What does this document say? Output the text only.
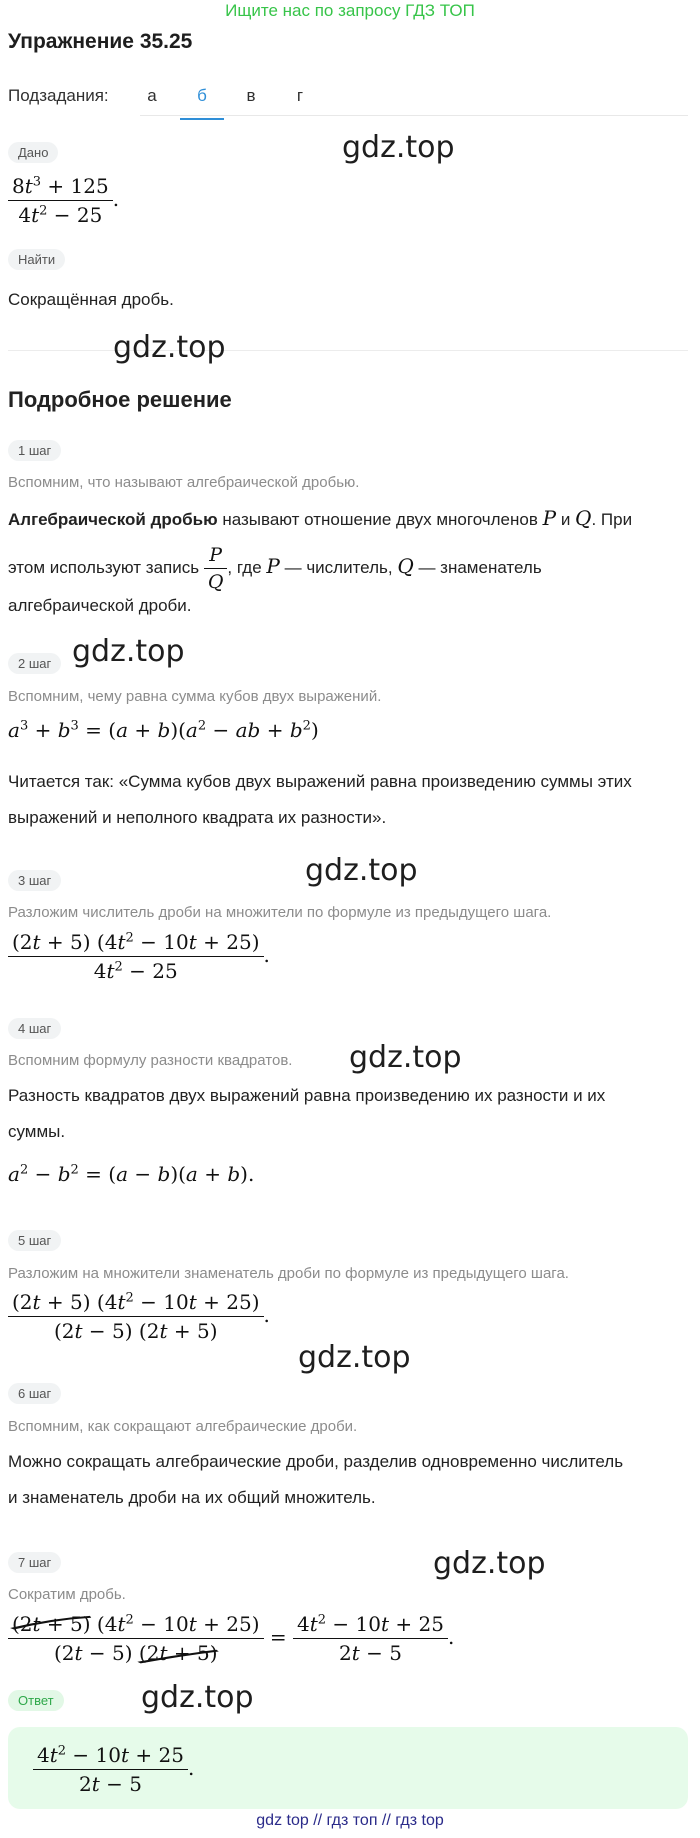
Ищите нас по запросу ГДЗ ТОП
Упражнение 35.25
Подзадания:	а	б	в	г
Дано	gdz.top
$\frac{8t^3 + 125}{4t^2 - 25}$ .
Найти
Сокращённая дробь.
gdz.top
Подробное решение
1 шаг
Вспомним, что называют алгебраической дробью.
Алгебраической дробью называют отношение двух многочленов P и Q. При
этом используют запись $\frac{P}{Q}$ , где P — числитель, Q — знаменатель
алгебраической дроби.
2 шаг gdz.top
Вспомним, чему равна сумма кубов двух выражений.
$a^3 + b^3 = (a + b)(a^2$ − ab + $b^2$)
Читается так: «Сумма кубов двух выражений равна произведению суммы этих
выражений и неполного квадрата их разности».
3 шаг	gdz.top
Разложим числитель дроби на множители по формуле из предыдущего шага.
$\frac{(2t + 5) (4t^2 - 10t + 25)}{4t^2 - 25}$ .
4 шаг
gdz.top
Вспомним формулу разности квадратов.
Разность квадратов двух выражений равна произведению их разности и их
суммы.
$a^2 - b^2 = (a - b)(a + b)$.
5 шаг
Разложим на множители знаменатель дроби по формуле из предыдущего шага.
$\frac{(2t + 5) (4t^2 - 10t + 25)}{(2t - 5) (2t + 5)}$ .
gdz.top
6 шаг
Вспомним, как сокращают алгебраические дроби.
Можно сокращать алгебраические дроби, разделив одновременно числитель
и знаменатель дроби на их общий множитель.
7 шаг	gdz.top
Сократим дробь.
(2t + 5)
$(4t^2 - 10t + 25)$
(2t − 5) $(2t + 5) = \frac{4t^2 - 10t + 25}{2t - 5}$ .
Ответ	gdz.top
$\frac{4t^2 - 10t + 25}{2t - 5}$ .
gdz top // гдз топ // гдз top
